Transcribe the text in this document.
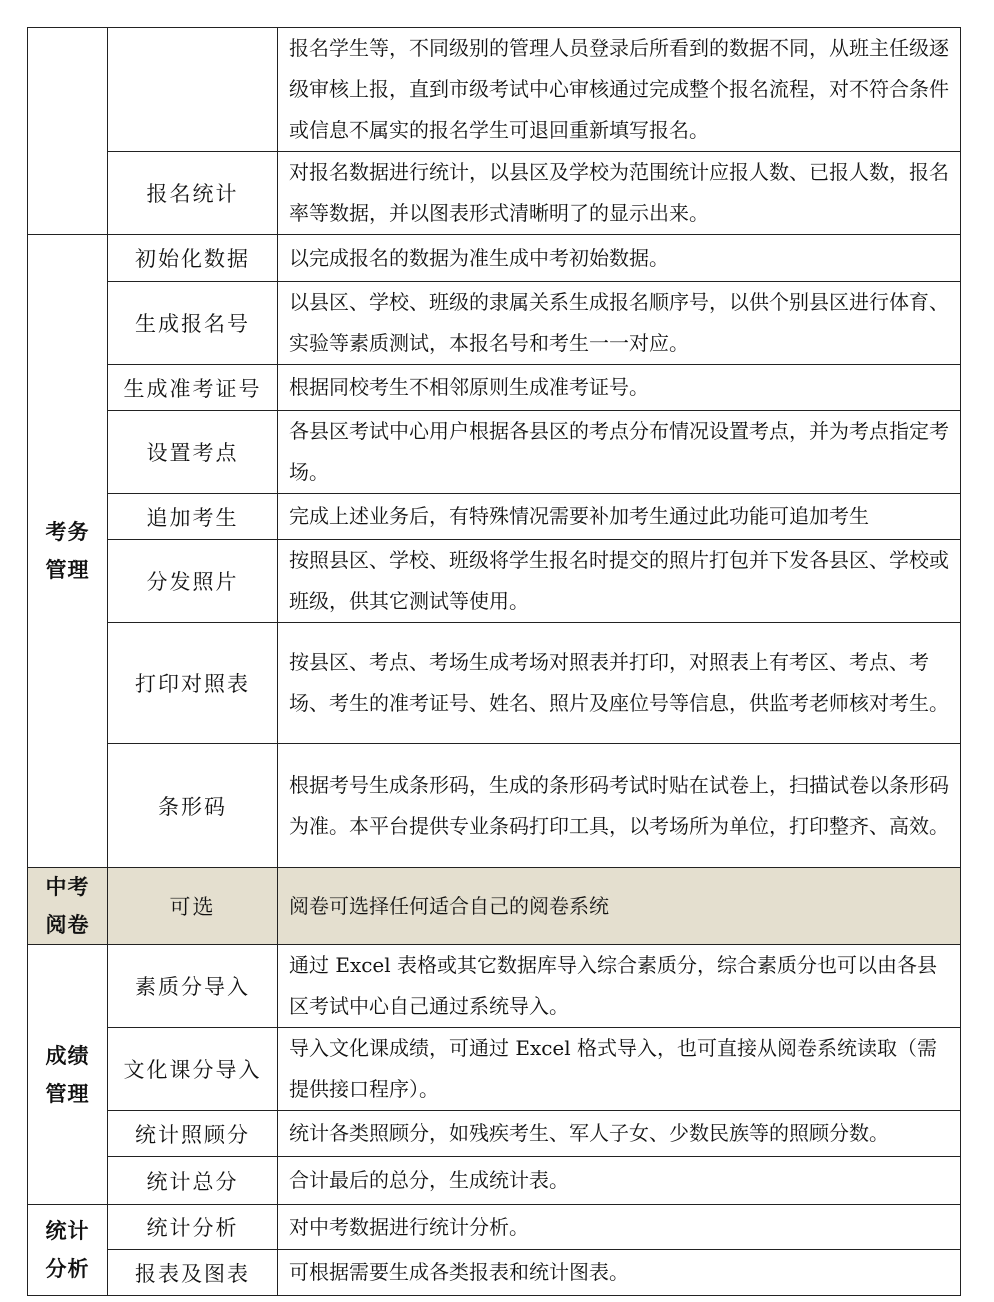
		报名学生等，不同级别的管理人员登录后所看到的数据不同，从班主任级逐级审核上报，直到市级考试中心审核通过完成整个报名流程，对不符合条件或信息不属实的报名学生可退回重新填写报名。
	报名统计	对报名数据进行统计，以县区及学校为范围统计应报人数、已报人数，报名率等数据，并以图表形式清晰明了的显示出来。

考务
管理	初始化数据	以完成报名的数据为准生成中考初始数据。
	生成报名号	以县区、学校、班级的隶属关系生成报名顺序号，以供个别县区进行体育、实验等素质测试，本报名号和考生一一对应。
	生成准考证号	根据同校考生不相邻原则生成准考证号。
	设置考点	各县区考试中心用户根据各县区的考点分布情况设置考点，并为考点指定考场。
	追加考生	完成上述业务后，有特殊情况需要补加考生通过此功能可追加考生
	分发照片	按照县区、学校、班级将学生报名时提交的照片打包并下发各县区、学校或班级，供其它测试等使用。
	打印对照表	按县区、考点、考场生成考场对照表并打印，对照表上有考区、考点、考场、考生的准考证号、姓名、照片及座位号等信息，供监考老师核对考生。
	条形码	根据考号生成条形码，生成的条形码考试时贴在试卷上，扫描试卷以条形码为准。本平台提供专业条码打印工具，以考场所为单位，打印整齐、高效。

中考
阅卷	可选	阅卷可选择任何适合自己的阅卷系统

成绩
管理	素质分导入	通过 Excel 表格或其它数据库导入综合素质分，综合素质分也可以由各县区考试中心自己通过系统导入。
	文化课分导入	导入文化课成绩，可通过 Excel 格式导入，也可直接从阅卷系统读取（需提供接口程序）。
	统计照顾分	统计各类照顾分，如残疾考生、军人子女、少数民族等的照顾分数。
	统计总分	合计最后的总分，生成统计表。

统计
分析	统计分析	对中考数据进行统计分析。
	报表及图表	可根据需要生成各类报表和统计图表。
